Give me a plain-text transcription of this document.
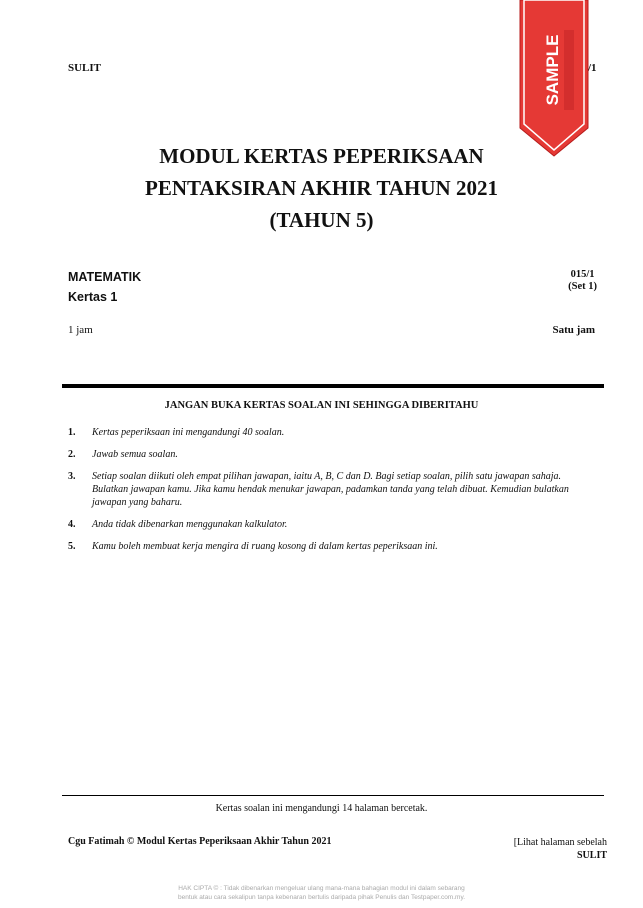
SULIT	/1
SAMPLE
MODUL KERTAS PEPERIKSAAN
PENTAKSIRAN AKHIR TAHUN 2021
(TAHUN 5)
MATEMATIK
Kertas 1
015/1
(Set 1)
1 jam	Satu jam
JANGAN BUKA KERTAS SOALAN INI SEHINGGA DIBERITAHU
1. Kertas peperiksaan ini mengandungi 40 soalan.
2. Jawab semua soalan.
3. Setiap soalan diikuti oleh empat pilihan jawapan, iaitu A, B, C dan D. Bagi setiap soalan, pilih satu jawapan sahaja. Bulatkan jawapan kamu. Jika kamu hendak menukar jawapan, padamkan tanda yang telah dibuat. Kemudian bulatkan jawapan yang baharu.
4. Anda tidak dibenarkan menggunakan kalkulator.
5. Kamu boleh membuat kerja mengira di ruang kosong di dalam kertas peperiksaan ini.
Kertas soalan ini mengandungi 14 halaman bercetak.
Cgu Fatimah © Modul Kertas Peperiksaan Akhir Tahun 2021	[Lihat halaman sebelah
SULIT
HAK CIPTA © : Tidak dibenarkan mengeluar ulang mana-mana bahagian modul ini dalam sebarang
bentuk atau cara sekalipun tanpa kebenaran bertulis daripada pihak Penulis dan Testpaper.com.my.
